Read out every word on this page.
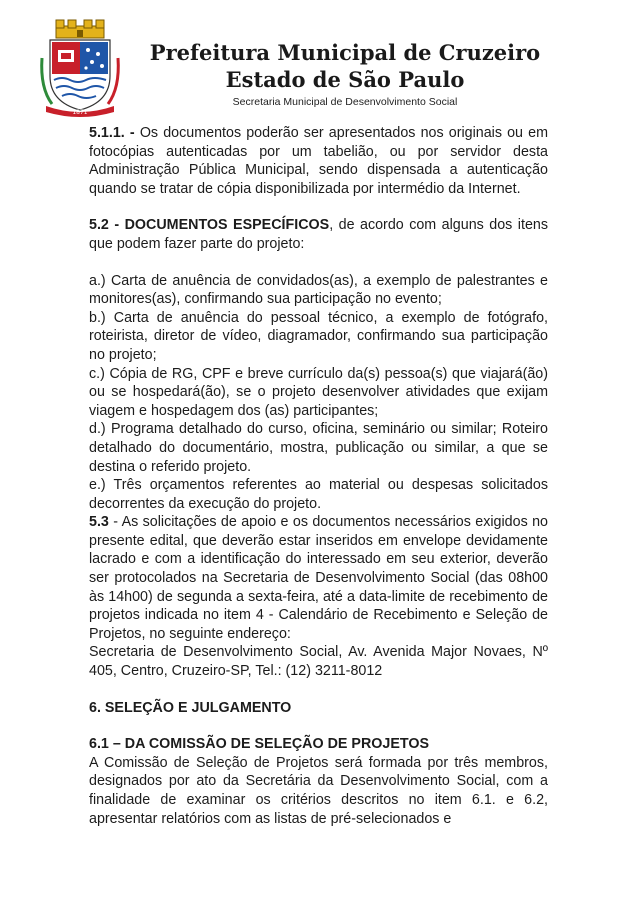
1871
Prefeitura Municipal de Cruzeiro
Estado de São Paulo
Secretaria Municipal de Desenvolvimento Social

5.1.1. - Os documentos poderão ser apresentados nos originais ou em fotocópias autenticadas por um tabelião, ou por servidor desta Administração Pública Municipal, sendo dispensada a autenticação quando se tratar de cópia disponibilizada por intermédio da Internet.

5.2 - DOCUMENTOS ESPECÍFICOS, de acordo com alguns dos itens que podem fazer parte do projeto:

a.) Carta de anuência de convidados(as), a exemplo de palestrantes e monitores(as), confirmando sua participação no evento;

b.) Carta de anuência do pessoal técnico, a exemplo de fotógrafo, roteirista, diretor de vídeo, diagramador, confirmando sua participação no projeto;

c.) Cópia de RG, CPF e breve currículo da(s) pessoa(s) que viajará(ão) ou se hospedará(ão), se o projeto desenvolver atividades que exijam viagem e hospedagem dos (as) participantes;

d.) Programa detalhado do curso, oficina, seminário ou similar; Roteiro detalhado do documentário, mostra, publicação ou similar, a que se destina o referido projeto.

e.) Três orçamentos referentes ao material ou despesas solicitados decorrentes da execução do projeto.

5.3 - As solicitações de apoio e os documentos necessários exigidos no presente edital, que deverão estar inseridos em envelope devidamente lacrado e com a identificação do interessado em seu exterior, deverão ser protocolados na Secretaria de Desenvolvimento Social (das 08h00 às 14h00) de segunda a sexta-feira, até a data-limite de recebimento de projetos indicada no item 4 - Calendário de Recebimento e Seleção de Projetos, no seguinte endereço:

Secretaria de Desenvolvimento Social, Av. Avenida Major Novaes, Nº 405, Centro, Cruzeiro-SP, Tel.: (12) 3211-8012

6. SELEÇÃO E JULGAMENTO

6.1 – DA COMISSÃO DE SELEÇÃO DE PROJETOS

A Comissão de Seleção de Projetos será formada por três membros, designados por ato da Secretária da Desenvolvimento Social, com a finalidade de examinar os critérios descritos no item 6.1. e 6.2, apresentar relatórios com as listas de pré-selecionados e
